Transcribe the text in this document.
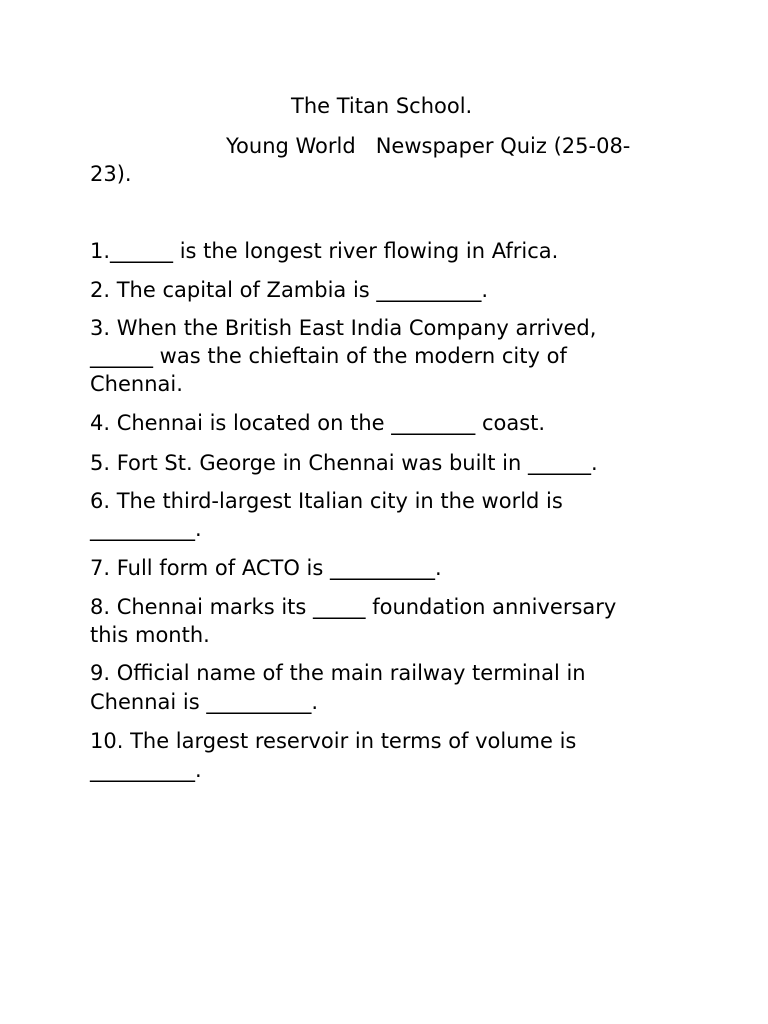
The Titan School.
Young World   Newspaper Quiz (25-08-
23).
1.______ is the longest river flowing in Africa.
2. The capital of Zambia is __________.
3. When the British East India Company arrived,
______ was the chieftain of the modern city of
Chennai.
4. Chennai is located on the ________ coast.
5. Fort St. George in Chennai was built in ______.
6. The third-largest Italian city in the world is
__________.
7. Full form of ACTO is __________.
8. Chennai marks its _____ foundation anniversary
this month.
9. Official name of the main railway terminal in
Chennai is __________.
10. The largest reservoir in terms of volume is
__________.
